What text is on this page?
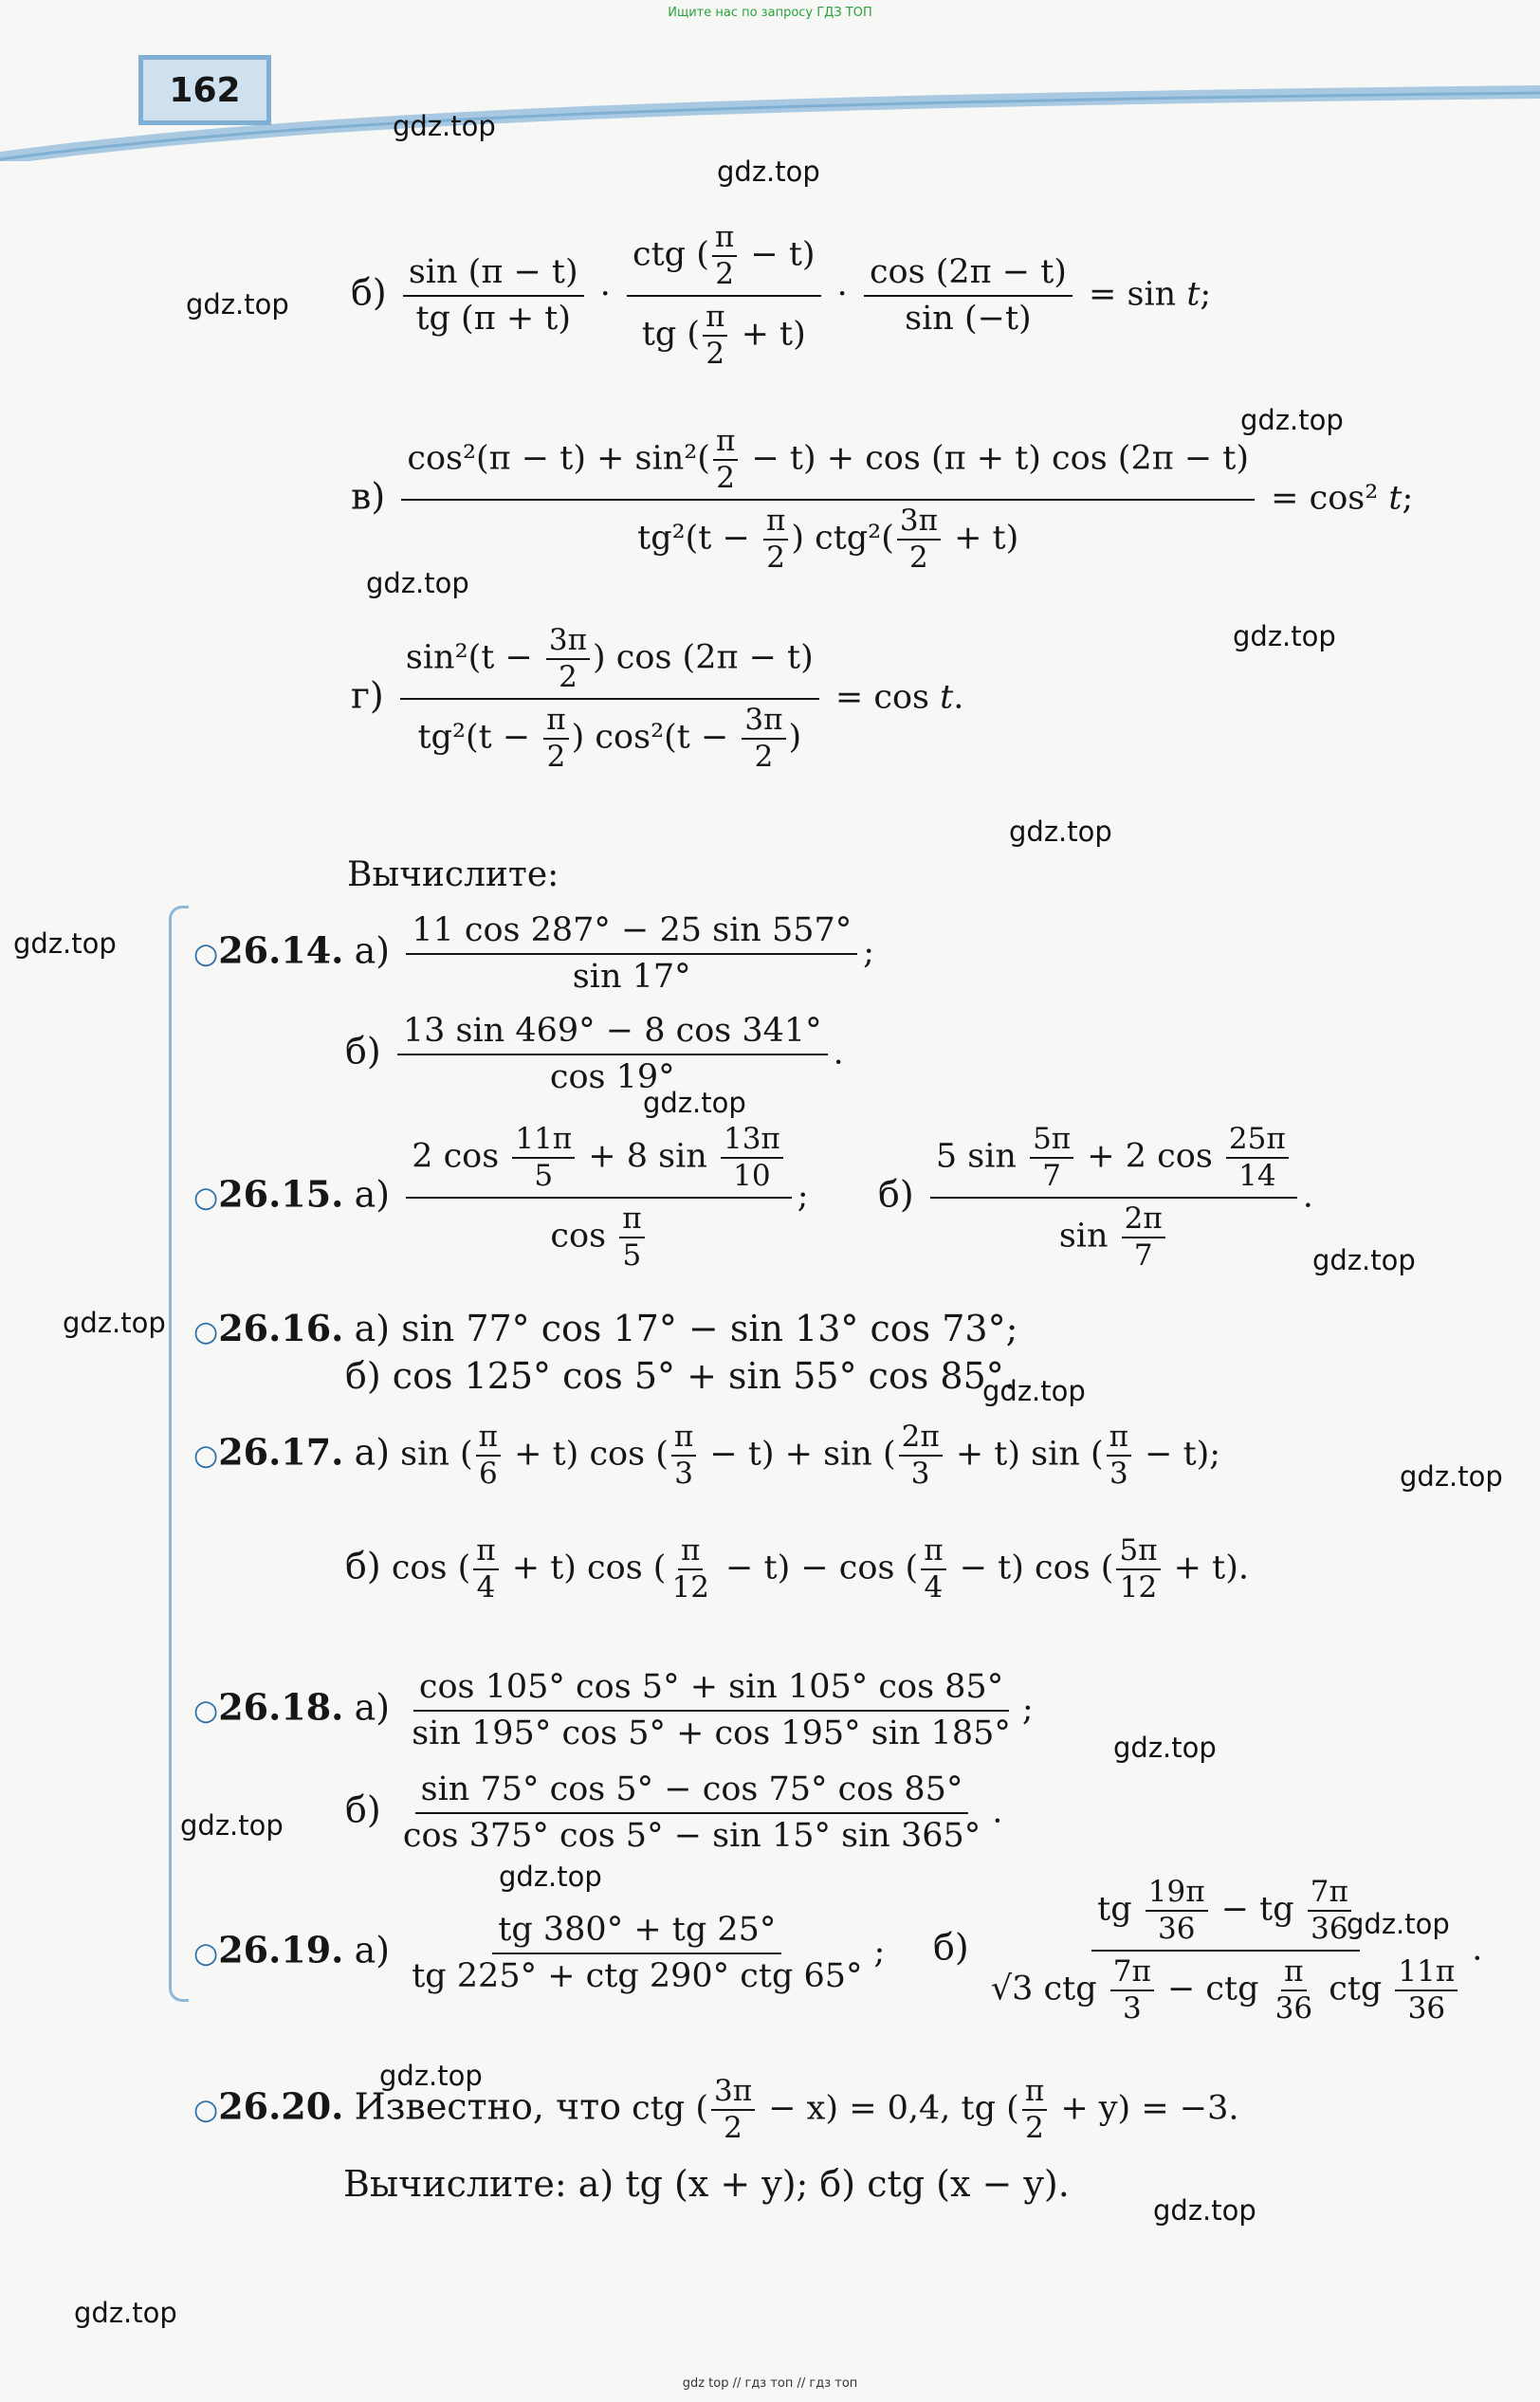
Ищите нас по запросу ГДЗ ТОП
162
gdz.top
gdz.top
gdz.top
gdz.top
gdz.top
gdz.top
gdz.top
gdz.top
gdz.top
gdz.top
gdz.top
gdz.top
gdz.top
gdz.top
gdz.top
gdz.top
gdz.top
gdz.top
gdz.top
gdz.top
$б) \frac{\sin (\pi - t)}{tg (\pi + t)} \cdot \frac{ctg ( \frac{\pi}{2} - t)}{tg ( \frac{\pi}{2} + t)} \cdot \frac{\cos (2\pi - t)}{\sin (-t)} = \sin t$;
$в) \frac{\cos^2(\pi - t) + \sin^2( \frac{\pi}{2} - t) + \cos (\pi + t) \cos (2\pi - t)}{tg^2(t - \frac{\pi}{2} ) ctg^2( \frac{3\pi}{2} + t)} = \cos^2$ t;
$г) \frac{\sin^2(t - \frac{3\pi}{2} ) \cos (2\pi - t)}{tg^2(t - \frac{\pi}{2} ) \cos^2(t - \frac{3\pi}{2} )} = \cos t$.
Вычислите:
○26.14. $а) \frac{11 \cos 287^\circ - 25 \sin 557^\circ}{\sin 17^\circ}$ ;
$б) \frac{13 \sin 469^\circ - 8 \cos 341^\circ}{\cos 19^\circ}$ .
○26.15. $а) \frac{2 \cos \frac{11\pi}{5} + 8 \sin \frac{13\pi}{10}}{\cos \frac{\pi}{5}}$ ; $б) \frac{5 \sin \frac{5\pi}{7} + 2 \cos \frac{25\pi}{14}}{\sin \frac{2\pi}{7}}$ .
○26.16. а) sin 77° cos 17° − sin 13° cos 73°;
б) cos 125° cos 5° + sin 55° cos 85°.
○26.17. а) sin ( $\frac{\pi}{6} + t$) cos ( $\frac{\pi}{3} - t) + \sin$ ( $\frac{2\pi}{3} + t$) sin ( $\frac{\pi}{3} - t$);
б) cos ( $\frac{\pi}{4} + t$) cos ( $\frac{\pi}{12} - t) - \cos$ ( $\frac{\pi}{4} - t$) cos ( $\frac{5\pi}{12} + t$).
○26.18. $а) \frac{\cos 105^\circ \cos 5^\circ + \sin 105^\circ \cos 85^\circ}{\sin 195^\circ \cos 5^\circ + \cos 195^\circ \sin 185^\circ}$ ;
$б) \frac{\sin 75^\circ \cos 5^\circ - \cos 75^\circ \cos 85^\circ}{\cos 375^\circ \cos 5^\circ - \sin 15^\circ \sin 365^\circ}$ .
○26.19. $а) \frac{tg 380^\circ + tg 25^\circ}{\text{tg 225° + ctg 290° ctg 65°}}$ ; $б) \frac{tg \frac{19\pi}{36} - tg \frac{7\pi}{36}}{√3 ctg \frac{7\pi}{3} - ctg \frac{\pi}{36} ctg \frac{11\pi}{36}}$ .
○26.20. Известно, что ctg ( $\frac{3\pi}{2} - x) = 0,4$, tg ( $\frac{\pi}{2} + y) = -3$.
Вычислите: а) tg (x + y); б) ctg (x − y).
gdz top // гдз топ // гдз топ
